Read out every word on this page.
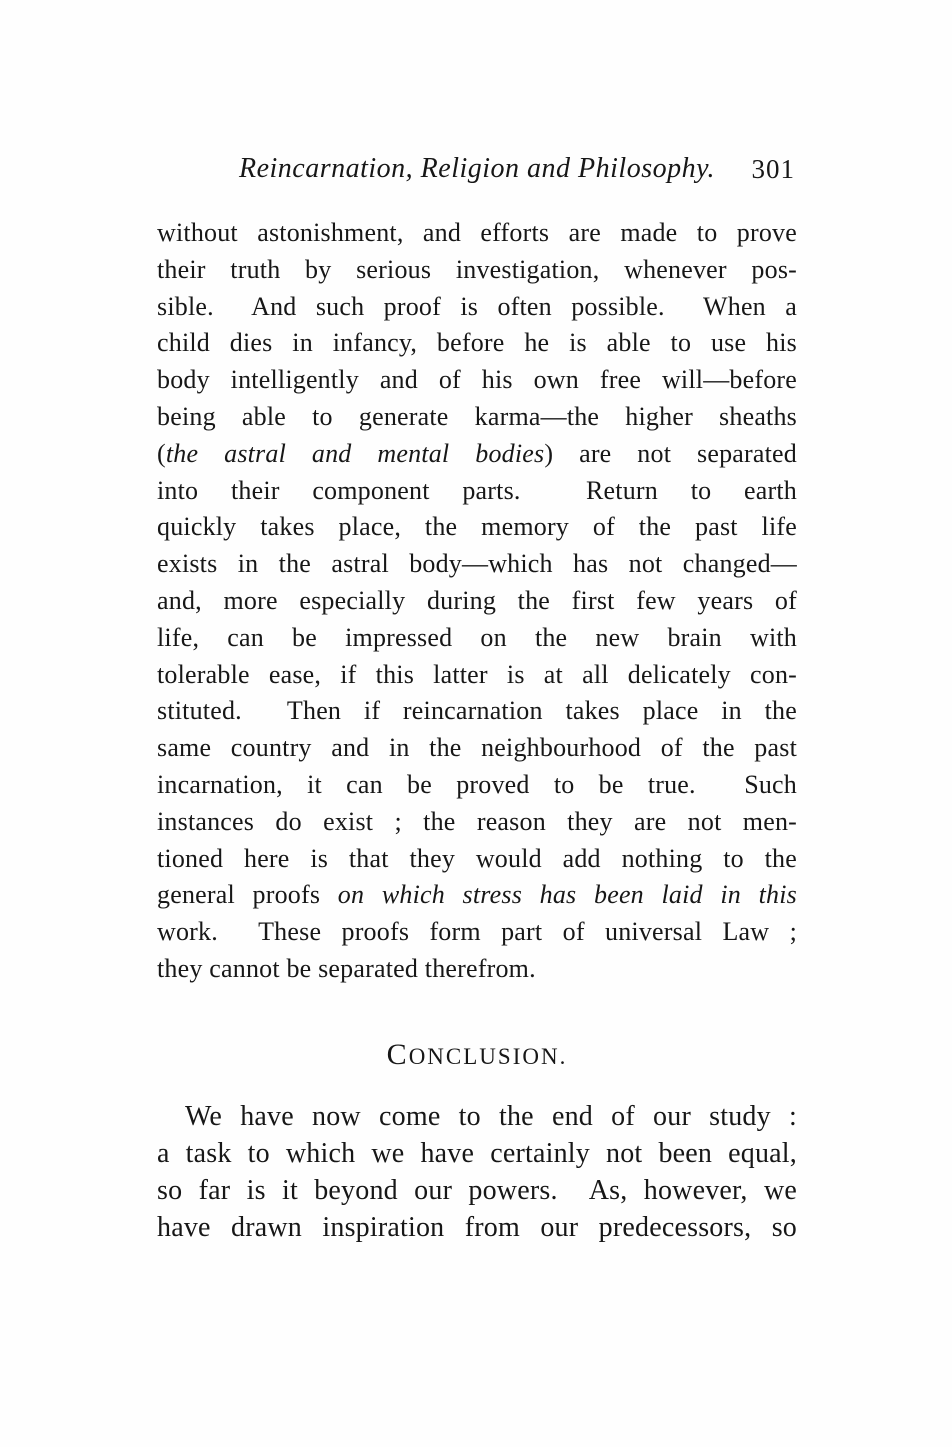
Reincarnation, Religion and Philosophy. 301
without astonishment, and efforts are made to prove
their truth by serious investigation, whenever pos-
sible.  And such proof is often possible.  When a
child dies in infancy, before he is able to use his
body intelligently and of his own free will—before
being able to generate karma—the higher sheaths
(the astral and mental bodies) are not separated
into their component parts.  Return to earth
quickly takes place, the memory of the past life
exists in the astral body—which has not changed—
and, more especially during the first few years of
life, can be impressed on the new brain with
tolerable ease, if this latter is at all delicately con-
stituted.  Then if reincarnation takes place in the
same country and in the neighbourhood of the past
incarnation, it can be proved to be true.  Such
instances do exist ; the reason they are not men-
tioned here is that they would add nothing to the
general proofs on which stress has been laid in this
work.  These proofs form part of universal Law ;
they cannot be separated therefrom.
CONCLUSION.
We have now come to the end of our study :
a task to which we have certainly not been equal,
so far is it beyond our powers.  As, however, we
have drawn inspiration from our predecessors, so
